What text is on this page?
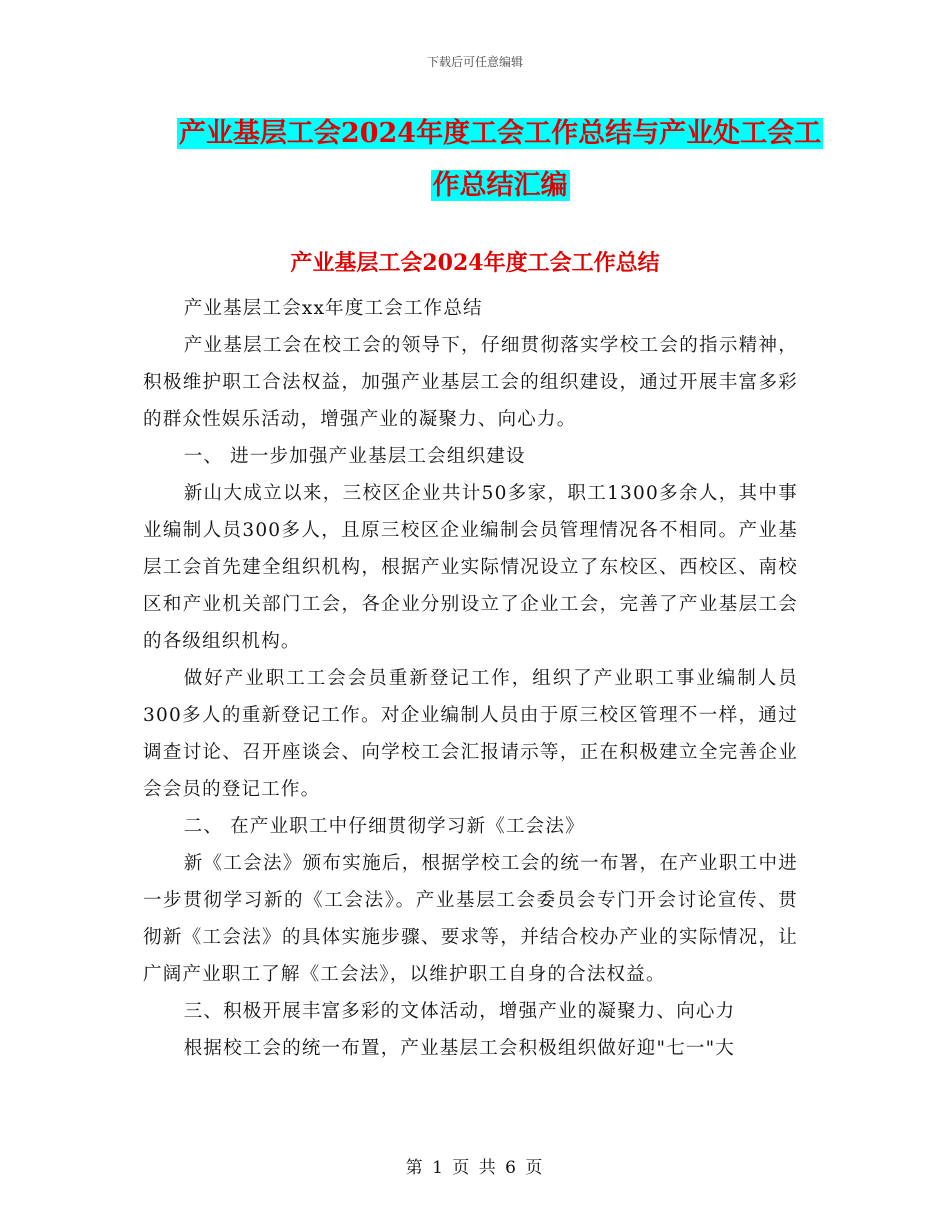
下载后可任意编辑
产业基层工会2024年度工会工作总结与产业处工会工
作总结汇编
产业基层工会2024年度工会工作总结

产业基层工会xx年度工会工作总结

产业基层工会在校工会的领导下，仔细贯彻落实学校工会的指示精神，积极维护职工合法权益，加强产业基层工会的组织建设，通过开展丰富多彩的群众性娱乐活动，增强产业的凝聚力、向心力。

一、 进一步加强产业基层工会组织建设

新山大成立以来，三校区企业共计50多家，职工1300多余人，其中事业编制人员300多人，且原三校区企业编制会员管理情况各不相同。产业基层工会首先建全组织机构，根据产业实际情况设立了东校区、西校区、南校区和产业机关部门工会，各企业分别设立了企业工会，完善了产业基层工会的各级组织机构。

做好产业职工工会会员重新登记工作，组织了产业职工事业编制人员300多人的重新登记工作。对企业编制人员由于原三校区管理不一样，通过调查讨论、召开座谈会、向学校工会汇报请示等，正在积极建立全完善企业会会员的登记工作。

二、 在产业职工中仔细贯彻学习新《工会法》

新《工会法》颁布实施后，根据学校工会的统一布署，在产业职工中进一步贯彻学习新的《工会法》。产业基层工会委员会专门开会讨论宣传、贯彻新《工会法》的具体实施步骤、要求等，并结合校办产业的实际情况，让广阔产业职工了解《工会法》，以维护职工自身的合法权益。

三、积极开展丰富多彩的文体活动，增强产业的凝聚力、向心力

根据校工会的统一布置，产业基层工会积极组织做好迎"七一"大

第 1 页 共 6 页
